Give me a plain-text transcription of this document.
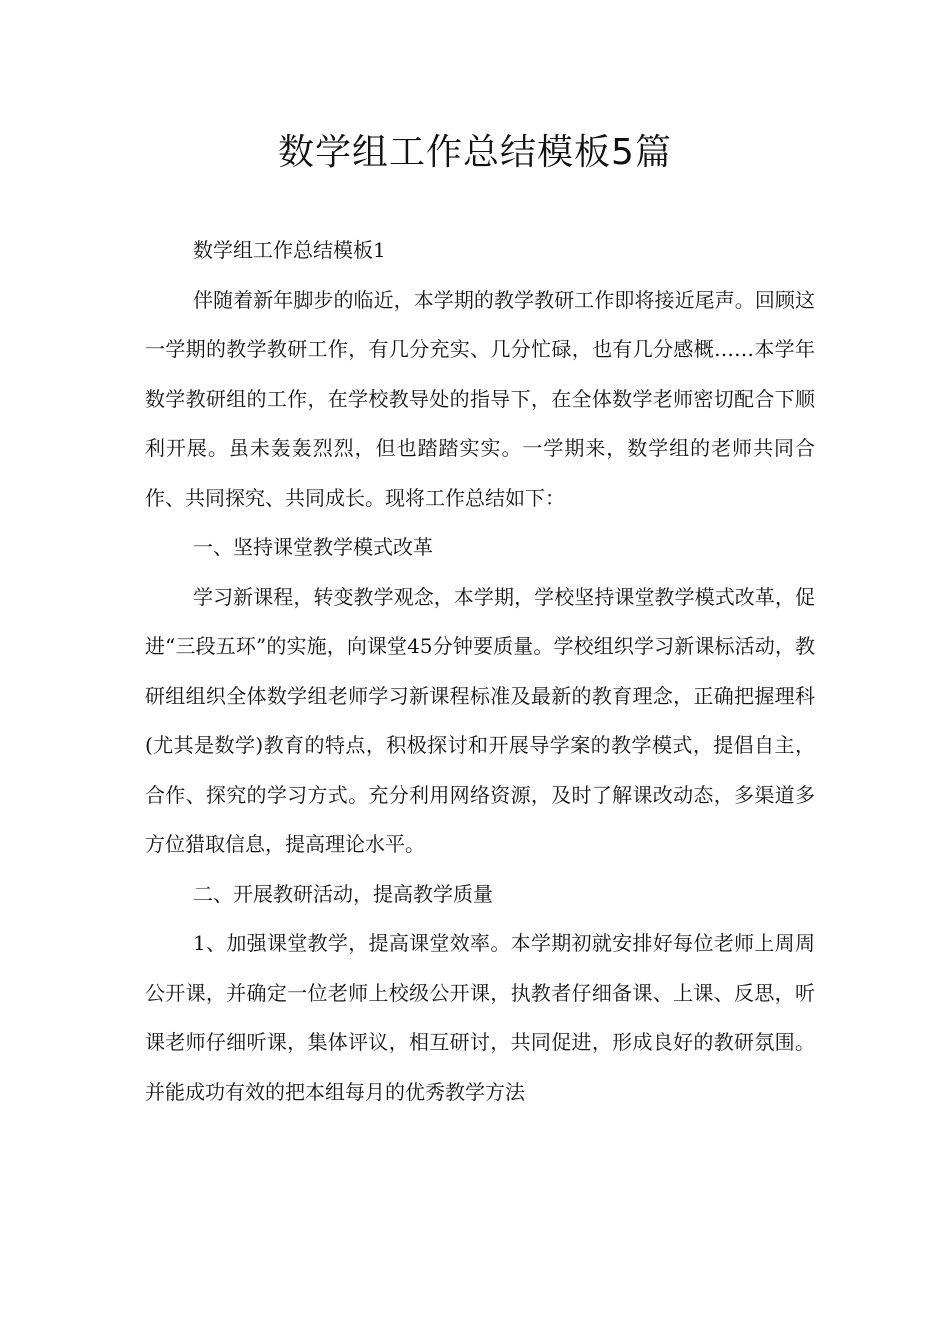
数学组工作总结模板5篇

数学组工作总结模板1

伴随着新年脚步的临近，本学期的教学教研工作即将接近尾声。回顾这一学期的教学教研工作，有几分充实、几分忙碌，也有几分感概……本学年数学教研组的工作，在学校教导处的指导下，在全体数学老师密切配合下顺利开展。虽未轰轰烈烈，但也踏踏实实。一学期来，数学组的老师共同合作、共同探究、共同成长。现将工作总结如下：

一、坚持课堂教学模式改革

学习新课程，转变教学观念，本学期，学校坚持课堂教学模式改革，促进“三段五环”的实施，向课堂45分钟要质量。学校组织学习新课标活动，教研组组织全体数学组老师学习新课程标准及最新的教育理念，正确把握理科(尤其是数学)教育的特点，积极探讨和开展导学案的教学模式，提倡自主，合作、探究的学习方式。充分利用网络资源，及时了解课改动态，多渠道多方位猎取信息，提高理论水平。

二、开展教研活动，提高教学质量

1、加强课堂教学，提高课堂效率。本学期初就安排好每位老师上周周公开课，并确定一位老师上校级公开课，执教者仔细备课、上课、反思，听课老师仔细听课，集体评议，相互研讨，共同促进，形成良好的教研氛围。并能成功有效的把本组每月的优秀教学方法
